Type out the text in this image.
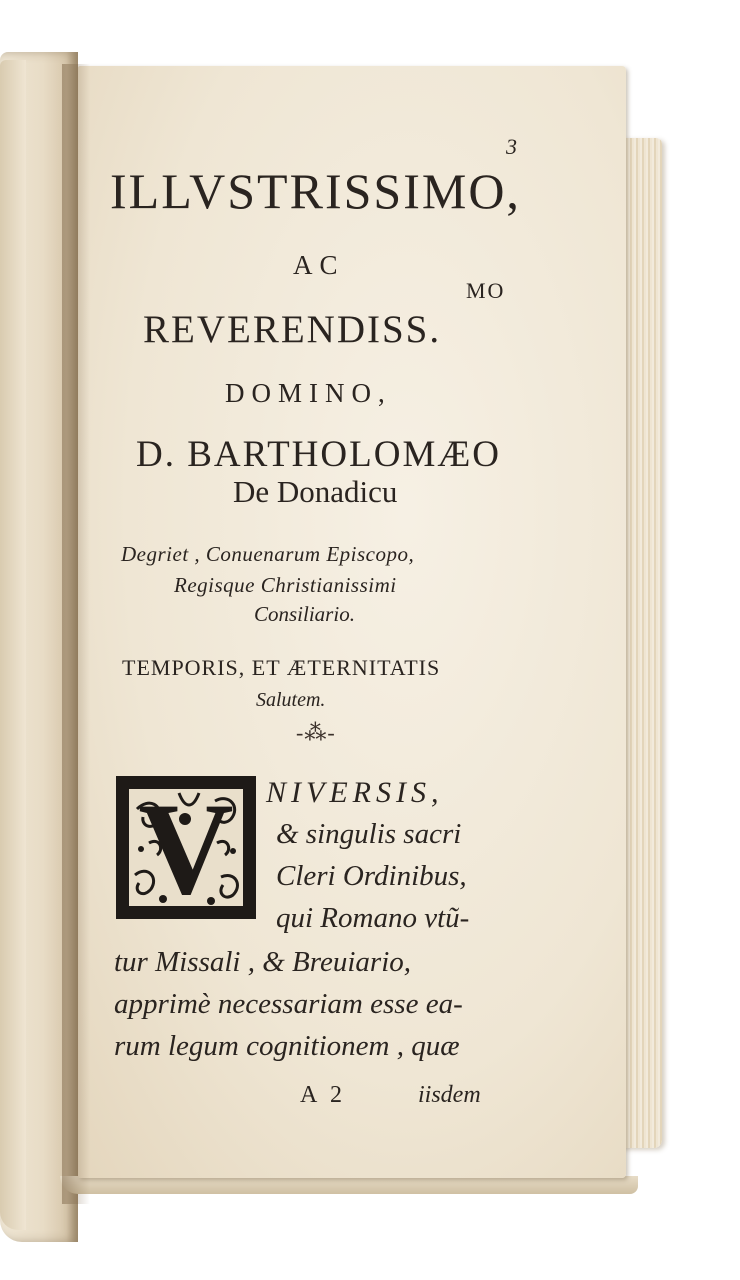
3
ILLVSTRISSIMO,
AC
MO
REVERENDISS.
DOMINO,
D. BARTHOLOMÆO
De Donadicu
Degriet , Conuenarum Episcopo,
Regisque Christianissimi
Consiliario.
TEMPORIS, ET ÆTERNITATIS
Salutem.
-⁂-
V	NIVERSIS,
& singulis sacri
Cleri Ordinibus,
qui Romano vtũ-
tur Missali , & Breuiario,
apprimè necessariam esse ea-
rum legum cognitionem , quæ
A 2	iisdem
